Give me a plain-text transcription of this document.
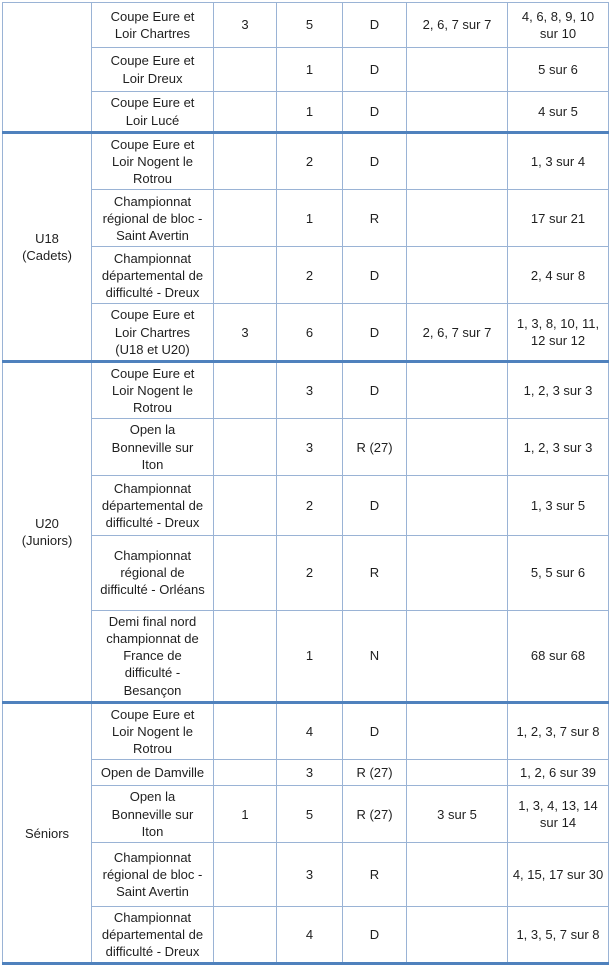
	Coupe Eure et Loir Chartres	3	5	D	2, 6, 7 sur 7	4, 6, 8, 9, 10 sur 10
	Coupe Eure et Loir Dreux		1	D		5 sur 6
	Coupe Eure et Loir Lucé		1	D		4 sur 5
U18 (Cadets)	Coupe Eure et Loir Nogent le Rotrou		2	D		1, 3 sur 4
	Championnat régional de bloc - Saint Avertin		1	R		17 sur 21
	Championnat départemental de difficulté - Dreux		2	D		2, 4 sur 8
	Coupe Eure et Loir Chartres (U18 et U20)	3	6	D	2, 6, 7 sur 7	1, 3, 8, 10, 11, 12 sur 12
U20 (Juniors)	Coupe Eure et Loir Nogent le Rotrou		3	D		1, 2, 3 sur 3
	Open la Bonneville sur Iton		3	R (27)		1, 2, 3 sur 3
	Championnat départemental de difficulté - Dreux		2	D		1, 3 sur 5
	Championnat régional de difficulté - Orléans		2	R		5, 5 sur 6
	Demi final nord championnat de France de difficulté - Besançon		1	N		68 sur 68
Séniors	Coupe Eure et Loir Nogent le Rotrou		4	D		1, 2, 3, 7 sur 8
	Open de Damville		3	R (27)		1, 2, 6 sur 39
	Open la Bonneville sur Iton	1	5	R (27)	3 sur 5	1, 3, 4, 13, 14 sur 14
	Championnat régional de bloc - Saint Avertin		3	R		4, 15, 17 sur 30
	Championnat départemental de difficulté - Dreux		4	D		1, 3, 5, 7 sur 8
